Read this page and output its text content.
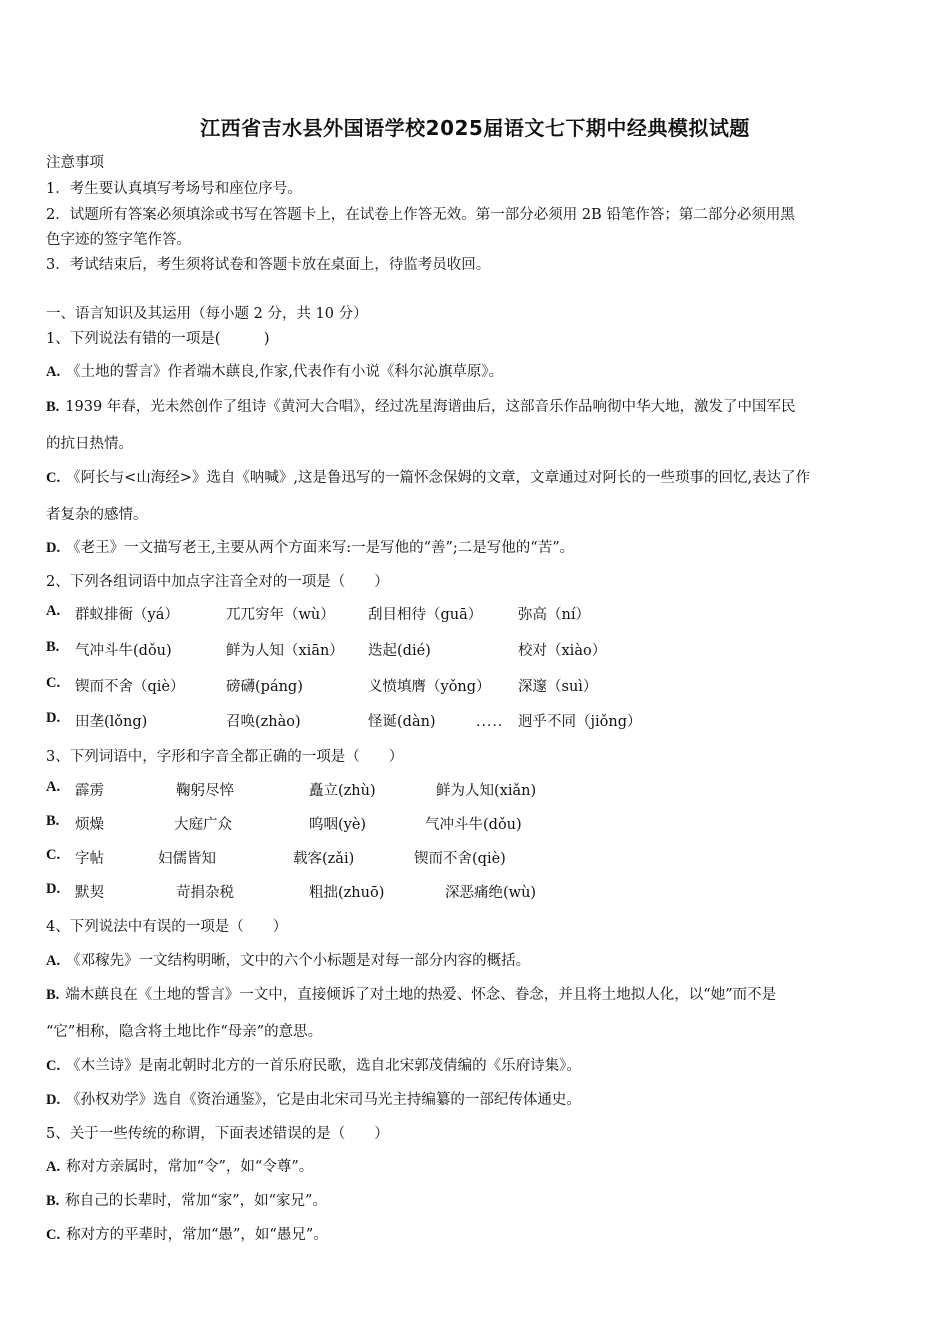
江西省吉水县外国语学校2025届语文七下期中经典模拟试题
注意事项
1．考生要认真填写考场号和座位序号。
2．试题所有答案必须填涂或书写在答题卡上，在试卷上作答无效。第一部分必须用 2B 铅笔作答；第二部分必须用黑
色字迹的签字笔作答。
3．考试结束后，考生须将试卷和答题卡放在桌面上，待监考员收回。
一、语言知识及其运用（每小题 2 分，共 10 分）
1、下列说法有错的一项是(　　　)
A. 《土地的誓言》作者端木蕻良,作家,代表作有小说《科尔沁旗草原》。
B. 1939 年春，光未然创作了组诗《黄河大合唱》，经过冼星海谱曲后，这部音乐作品响彻中华大地，激发了中国军民
的抗日热情。
C. 《阿长与<山海经>》选自《呐喊》,这是鲁迅写的一篇怀念保姆的文章，文章通过对阿长的一些琐事的回忆,表达了作
者复杂的感情。
D. 《老王》一文描写老王,主要从两个方面来写:一是写他的“善”;二是写他的“苦”。
2、下列各组词语中加点字注音全对的一项是（　　）
A.	群蚁排衙（yá）	兀兀穷年（wù） 刮目相待（guā） 弥高（ní）
B.	气冲斗牛(dǒu)	鲜为人知（xiān） 迭起(dié)	校对（xiào）
C.	锲而不舍（qiè）	磅礴(páng)	义愤填膺（yǒng） 深邃（suì）
D.	田垄(lǒng)	召唤(zhào)	怪诞(dàn)	..... 迥乎不同（jiǒng）
3、下列词语中，字形和字音全都正确的一项是（　　）
A.	霹雳	鞠躬尽悴	矗立(zhù)	鲜为人知(xiǎn)
B.	烦燥	大庭广众	呜咽(yè)	气冲斗牛(dǒu)
C.	字帖	妇儒皆知	载客(zǎi)	锲而不舍(qiè)
D.	默契	苛捐杂税	粗拙(zhuō)	深恶痛绝(wù)
4、下列说法中有误的一项是（　　）
A. 《邓稼先》一文结构明晰，文中的六个小标题是对每一部分内容的概括。
B. 端木蕻良在《土地的誓言》一文中，直接倾诉了对土地的热爱、怀念、眷念，并且将土地拟人化，以“她”而不是
“它”相称，隐含将土地比作“母亲”的意思。
C. 《木兰诗》是南北朝时北方的一首乐府民歌，选自北宋郭茂倩编的《乐府诗集》。
D. 《孙权劝学》选自《资治通鉴》，它是由北宋司马光主持编纂的一部纪传体通史。
5、关于一些传统的称谓，下面表述错误的是（　　）
A. 称对方亲属时，常加“令”，如“令尊”。
B. 称自己的长辈时，常加“家”，如“家兄”。
C. 称对方的平辈时，常加“愚”，如“愚兄”。
